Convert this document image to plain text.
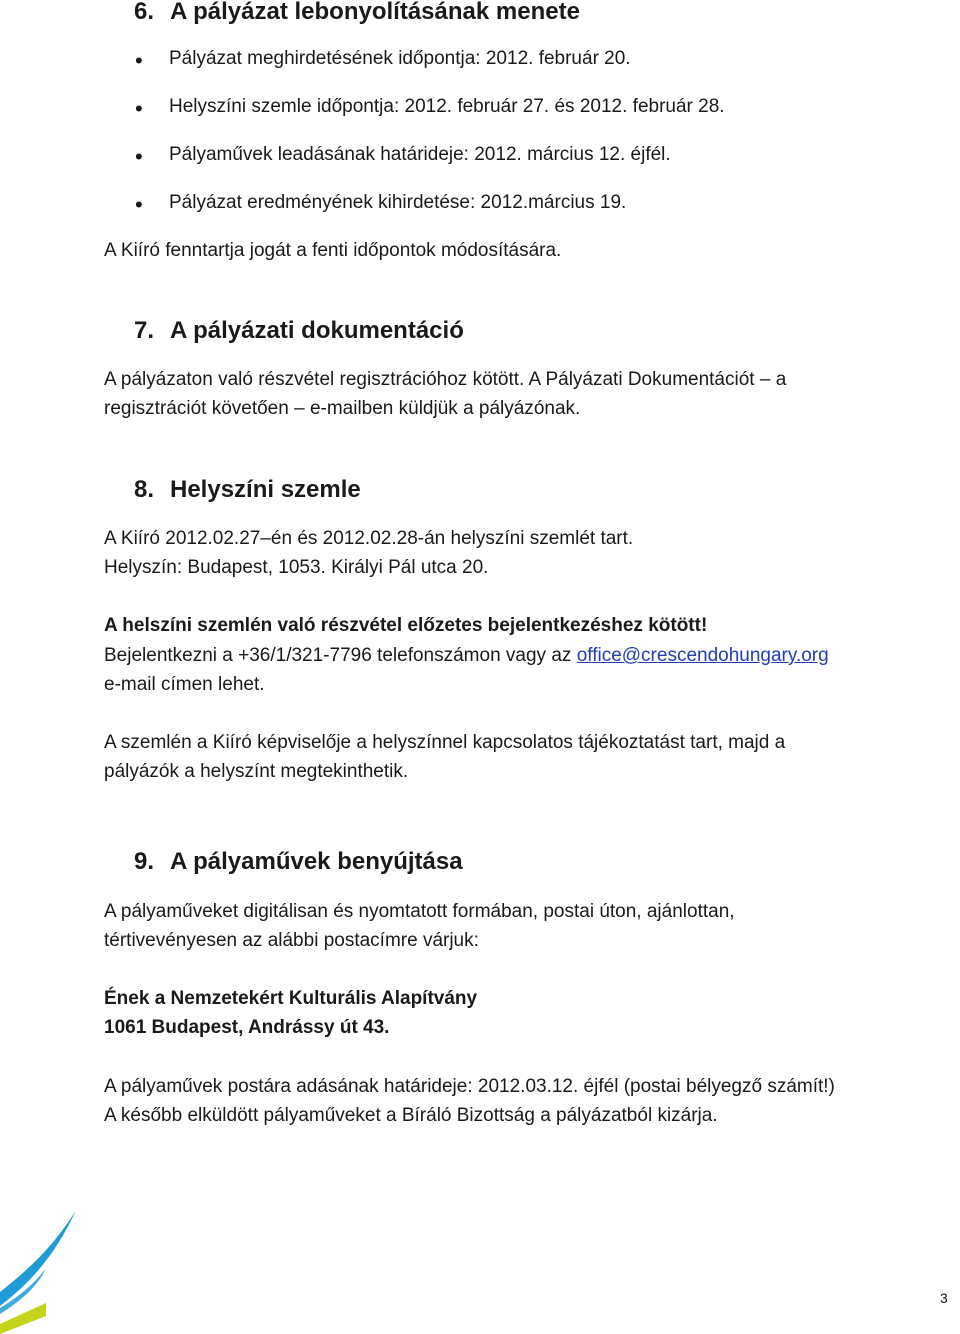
6. A pályázat lebonyolításának menete
• Pályázat meghirdetésének időpontja: 2012. február 20.
• Helyszíni szemle időpontja: 2012. február 27. és 2012. február 28.
• Pályaművek leadásának határideje: 2012. március 12. éjfél.
• Pályázat eredményének kihirdetése: 2012.március 19.
A Kiíró fenntartja jogát a fenti időpontok módosítására.
7. A pályázati dokumentáció
A pályázaton való részvétel regisztrációhoz kötött. A Pályázati Dokumentációt – a
regisztrációt követően – e-mailben küldjük a pályázónak.
8. Helyszíni szemle
A Kiíró 2012.02.27–én és 2012.02.28-án helyszíni szemlét tart.
Helyszín: Budapest, 1053. Királyi Pál utca 20.
A helszíni szemlén való részvétel előzetes bejelentkezéshez kötött!
Bejelentkezni a +36/1/321-7796 telefonszámon vagy az office@crescendohungary.org
e-mail címen lehet.
A szemlén a Kiíró képviselője a helyszínnel kapcsolatos tájékoztatást tart, majd a
pályázók a helyszínt megtekinthetik.
9. A pályaművek benyújtása
A pályaműveket digitálisan és nyomtatott formában, postai úton, ajánlottan,
tértivevényesen az alábbi postacímre várjuk:
Ének a Nemzetekért Kulturális Alapítvány
1061 Budapest, Andrássy út 43.
A pályaművek postára adásának határideje: 2012.03.12. éjfél (postai bélyegző számít!)
A később elküldött pályaműveket a Bíráló Bizottság a pályázatból kizárja.
3
